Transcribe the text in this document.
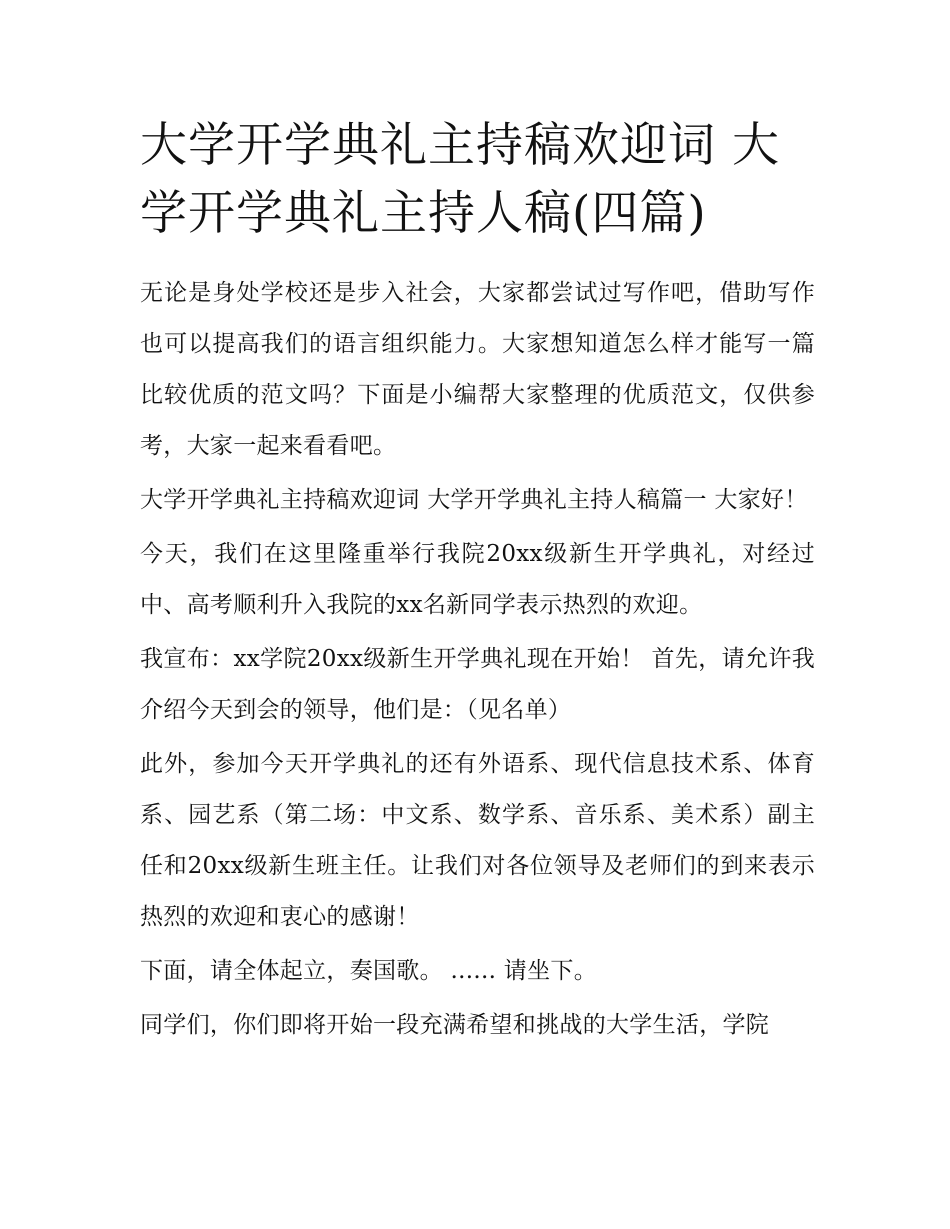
大学开学典礼主持稿欢迎词 大学开学典礼主持人稿(四篇)

无论是身处学校还是步入社会，大家都尝试过写作吧，借助写作也可以提高我们的语言组织能力。大家想知道怎么样才能写一篇比较优质的范文吗？下面是小编帮大家整理的优质范文，仅供参考，大家一起来看看吧。

大学开学典礼主持稿欢迎词 大学开学典礼主持人稿篇一 大家好！

今天，我们在这里隆重举行我院20xx级新生开学典礼，对经过中、高考顺利升入我院的xx名新同学表示热烈的欢迎。

我宣布：xx学院20xx级新生开学典礼现在开始！ 首先，请允许我介绍今天到会的领导，他们是：（见名单）

此外，参加今天开学典礼的还有外语系、现代信息技术系、体育系、园艺系（第二场：中文系、数学系、音乐系、美术系）副主任和20xx级新生班主任。让我们对各位领导及老师们的到来表示热烈的欢迎和衷心的感谢！

下面，请全体起立，奏国歌。 ...... 请坐下。

同学们，你们即将开始一段充满希望和挑战的大学生活，学院
